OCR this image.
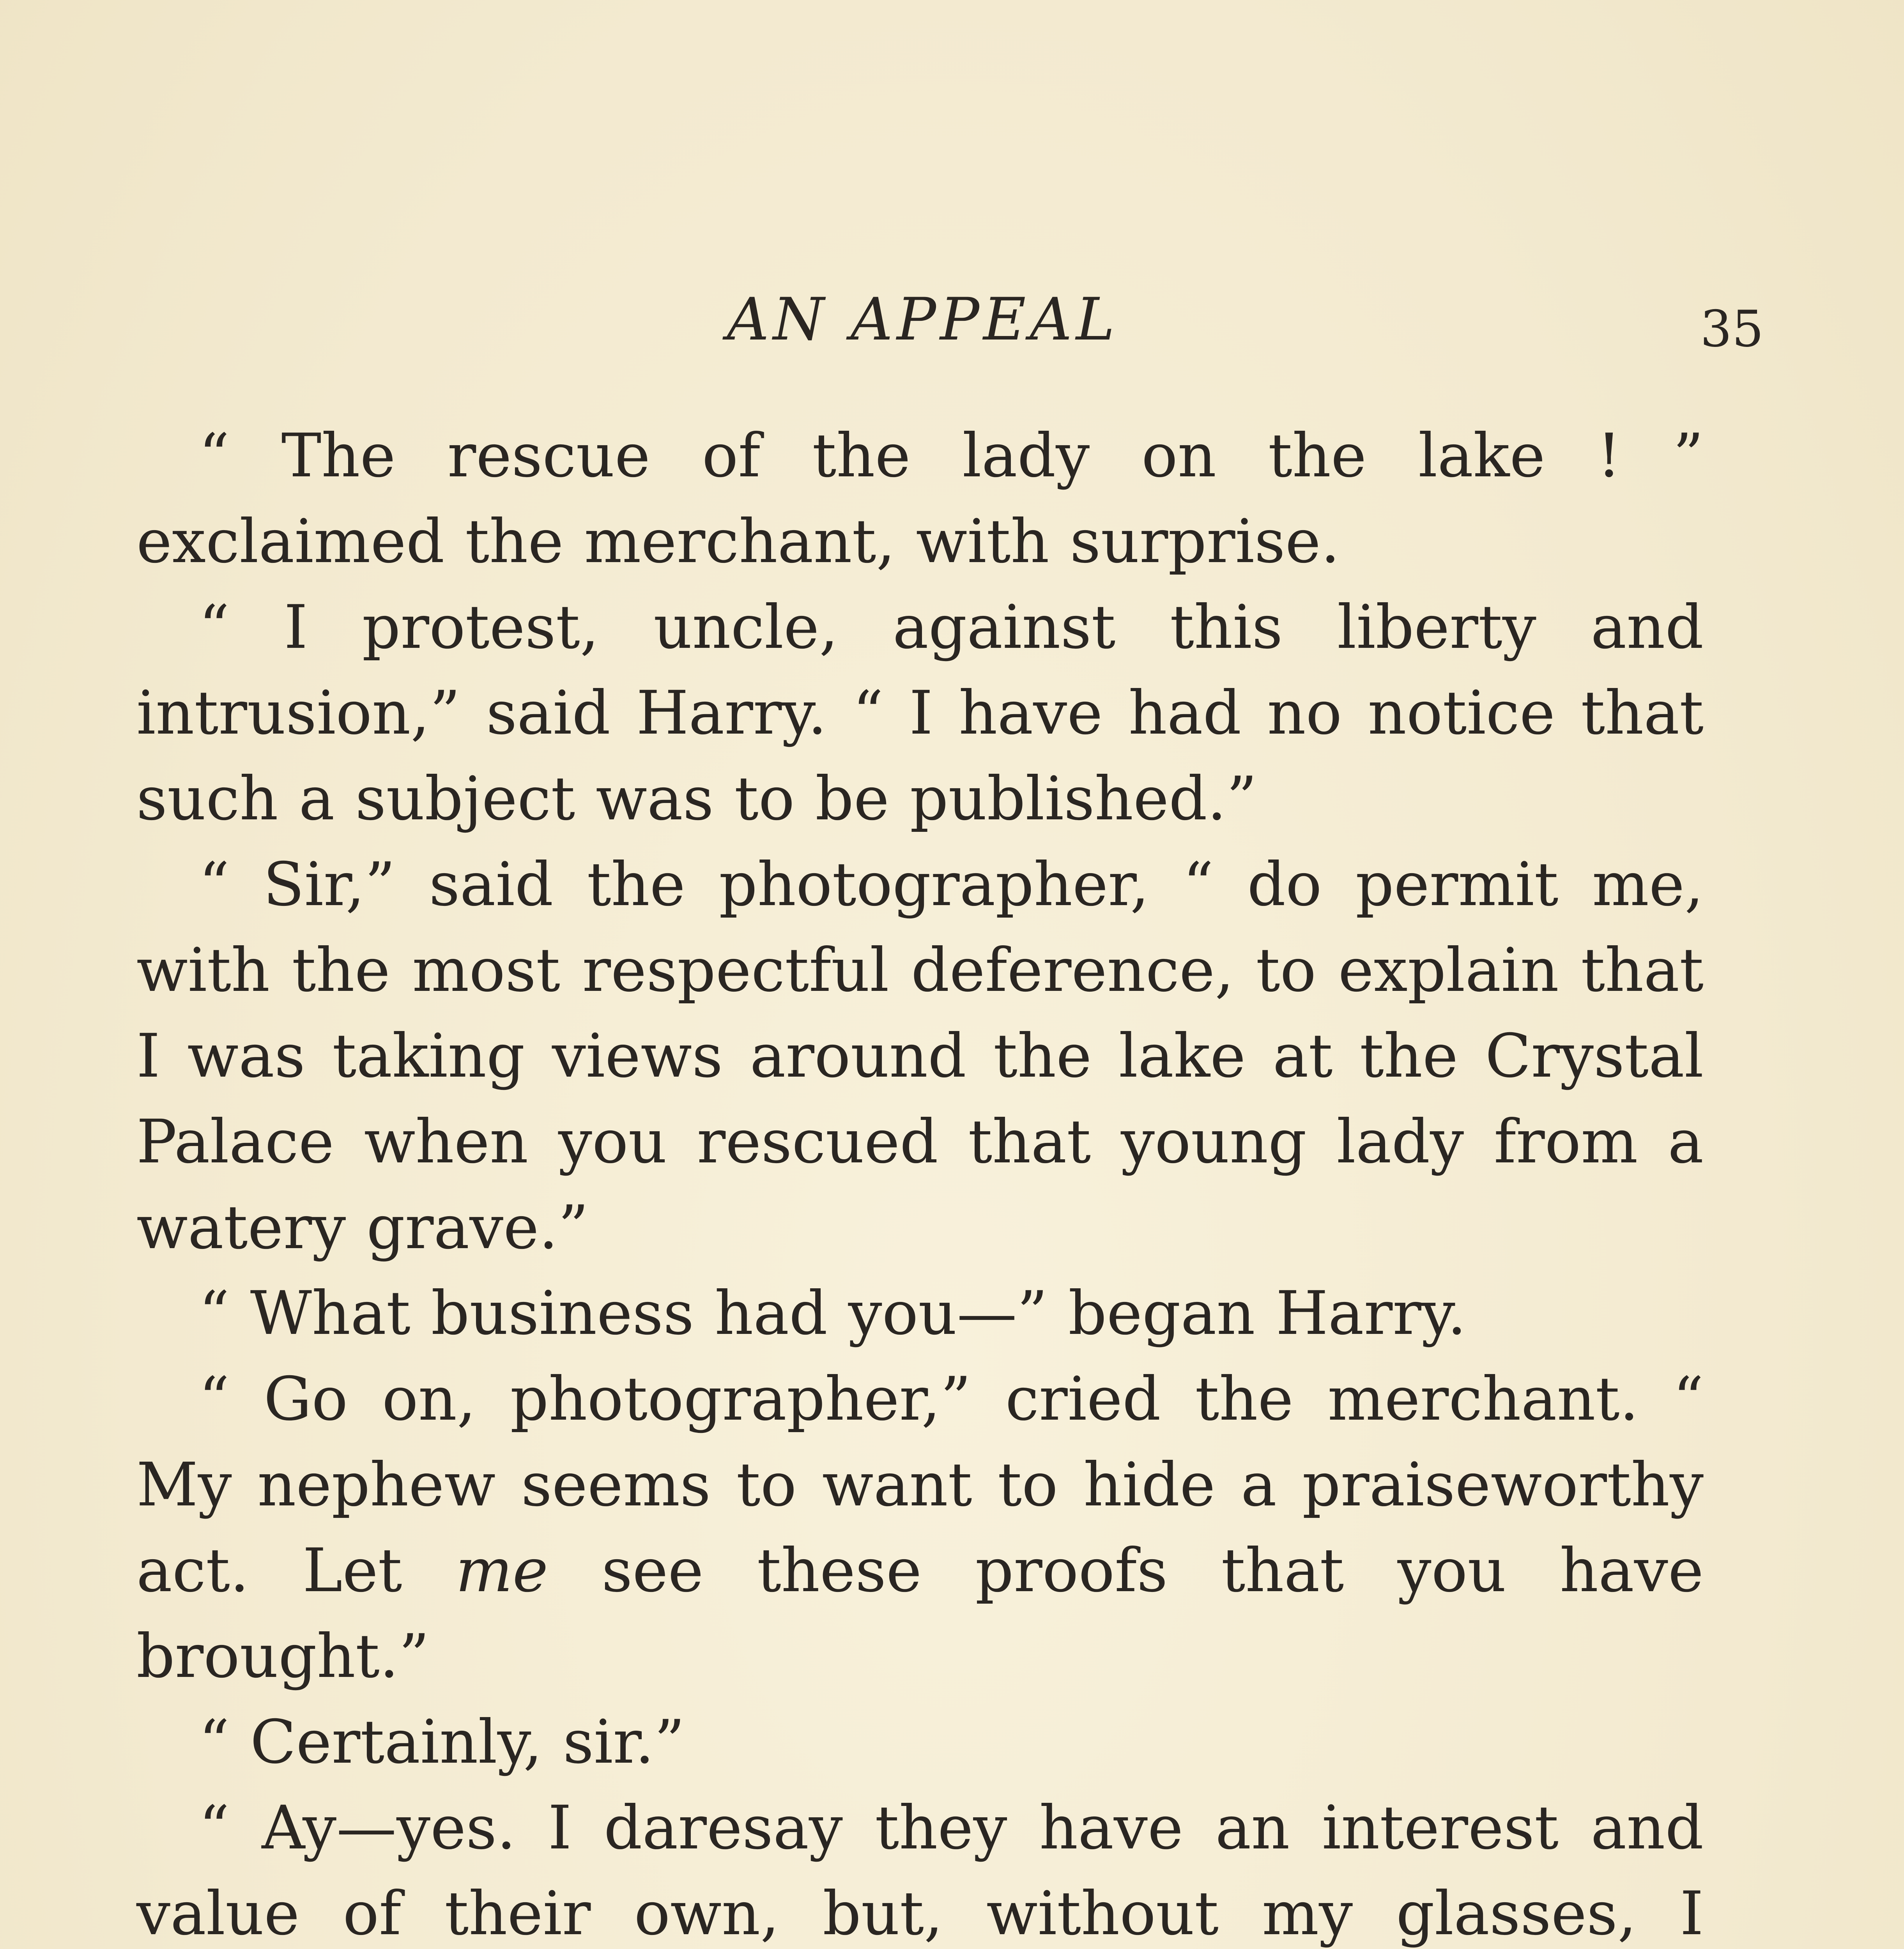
AN APPEAL	35

“ The rescue of the lady on the lake ! ” exclaimed the merchant, with surprise.

“ I protest, uncle, against this liberty and intrusion,” said Harry. “ I have had no notice that such a subject was to be published.”

“ Sir,” said the photographer, “ do permit me, with the most respectful deference, to explain that I was taking views around the lake at the Crystal Palace when you rescued that young lady from a watery grave.”

“ What business had you—” began Harry.

“ Go on, photographer,” cried the merchant. “ My nephew seems to want to hide a praiseworthy act. Let me see these proofs that you have brought.”

“ Certainly, sir.”

“ Ay—yes. I daresay they have an interest and value of their own, but, without my glasses, I
